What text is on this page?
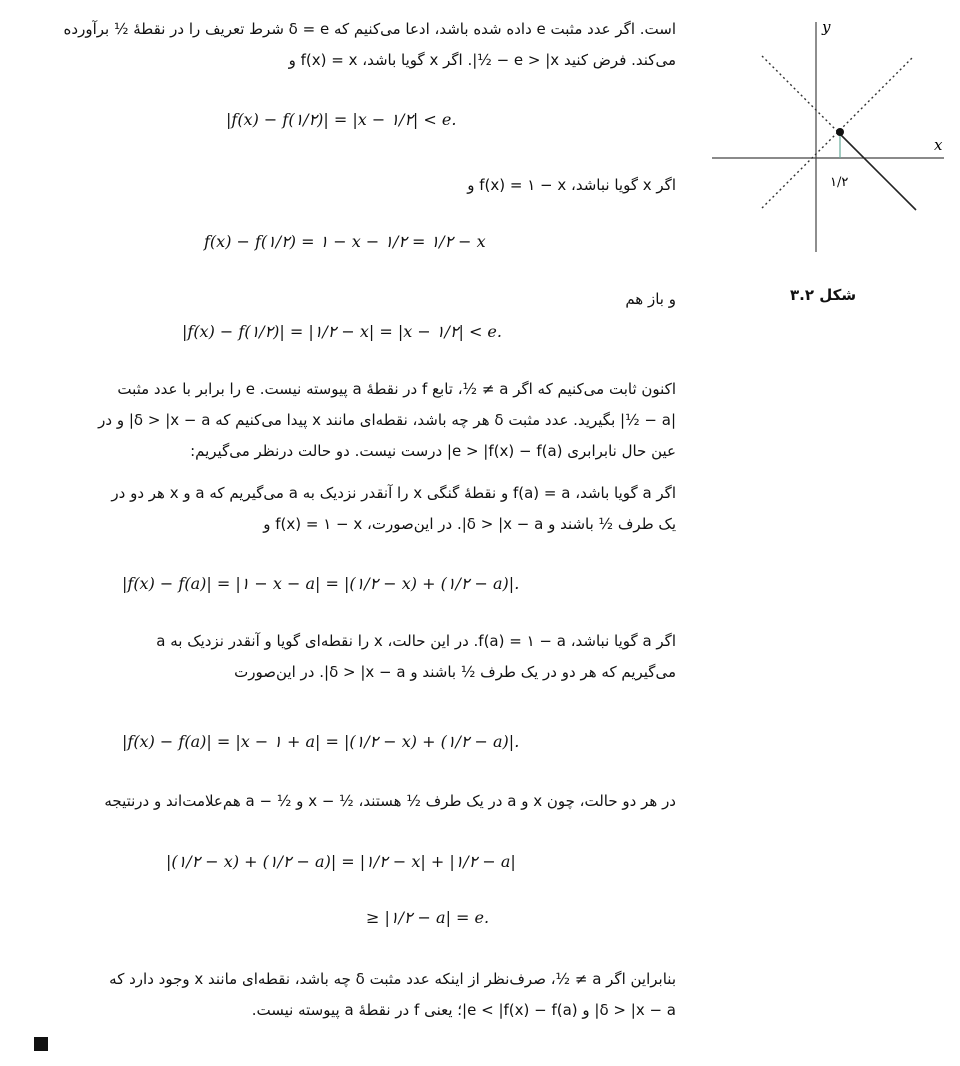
است. اگر عدد مثبت e داده شده باشد، ادعا می‌کنیم که δ = e شرط تعریف را در نقطهٔ ½ برآورده
می‌کند. فرض کنید e > |x − ½|. اگر x گویا باشد، f(x) = x و
|f(x) − f(۱/۲)| = |x − ۱/۲| < e.
اگر x گویا نباشد، f(x) = ۱ − x و
f(x) − f(۱/۲) = ۱ − x − ۱/۲ = ۱/۲ − x
و باز هم
|f(x) − f(۱/۲)| = |۱/۲ − x| = |x − ۱/۲| < e.
اکنون ثابت می‌کنیم که اگر a ≠ ½، تابع f در نقطهٔ a پیوسته نیست. e را برابر با عدد مثبت
|a − ½| بگیرید. عدد مثبت δ هر چه باشد، نقطه‌ای مانند x پیدا می‌کنیم که δ > |x − a| و در
عین حال نابرابری e > |f(x) − f(a)| درست نیست. دو حالت درنظر می‌گیریم:
اگر a گویا باشد، f(a) = a و نقطهٔ گنگی x را آنقدر نزدیک به a می‌گیریم که a و x هر دو در
یک طرف ½ باشند و δ > |x − a|. در این‌صورت، f(x) = ۱ − x و
|f(x) − f(a)| = |۱ − x − a| = |(۱/۲ − x) + (۱/۲ − a)|.
اگر a گویا نباشد، f(a) = ۱ − a. در این حالت، x را نقطه‌ای گویا و آنقدر نزدیک به a
می‌گیریم که هر دو در یک طرف ½ باشند و δ > |x − a|. در این‌صورت
|f(x) − f(a)| = |x − ۱ + a| = |(۱/۲ − x) + (۱/۲ − a)|.
در هر دو حالت، چون x و a در یک طرف ½ هستند، ½ − x و ½ − a هم‌علامت‌اند و درنتیجه
|(۱/۲ − x) + (۱/۲ − a)| = |۱/۲ − x| + |۱/۲ − a|
≥ |۱/۲ − a| = e.
بنابراین اگر a ≠ ½، صرف‌نظر از اینکه عدد مثبت δ چه باشد، نقطه‌ای مانند x وجود دارد که
δ > |x − a| و e < |f(x) − f(a)|؛ یعنی f در نقطهٔ a پیوسته نیست.
x
y
۱/۲
شکل ۳.۲
